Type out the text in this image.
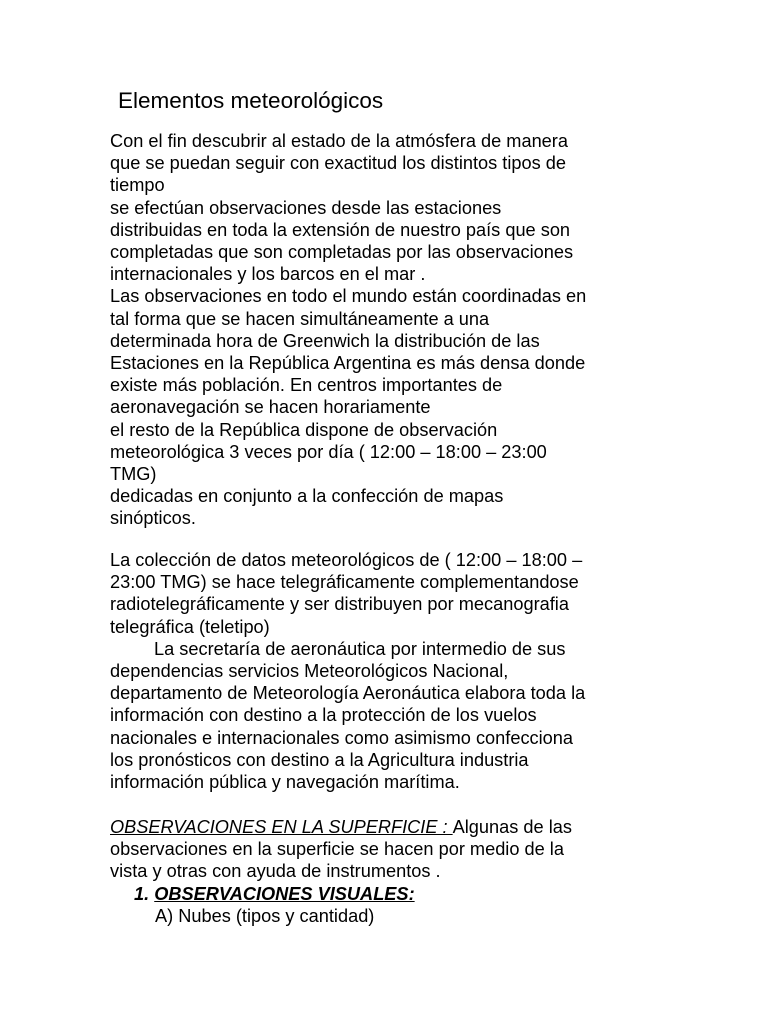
Elementos meteorológicos
Con el fin descubrir al estado de la atmósfera de manera
que se puedan seguir con exactitud los distintos tipos de
tiempo
se efectúan observaciones desde las estaciones
distribuidas en toda la extensión de nuestro país que son
completadas que son completadas por las observaciones
internacionales y los barcos en el mar .
Las observaciones en todo el mundo están coordinadas en
tal forma que se hacen simultáneamente a una
determinada hora de Greenwich la distribución de las
Estaciones en la República Argentina es más densa donde
existe más población. En centros importantes de
aeronavegación se hacen horariamente
el resto de la República dispone de observación
meteorológica 3 veces por día ( 12:00 – 18:00 – 23:00
TMG)
dedicadas en conjunto a la confección de mapas
sinópticos.
La colección de datos meteorológicos de ( 12:00 – 18:00 –
23:00 TMG) se hace telegráficamente complementandose
radiotelegráficamente y ser distribuyen por mecanografia
telegráfica (teletipo)
La secretaría de aeronáutica por intermedio de sus
dependencias servicios Meteorológicos Nacional,
departamento de Meteorología Aeronáutica elabora toda la
información con destino a la protección de los vuelos
nacionales e internacionales como asimismo confecciona
los pronósticos con destino a la Agricultura industria
información pública y navegación marítima.
OBSERVACIONES EN LA SUPERFICIE : Algunas de las
observaciones en la superficie se hacen por medio de la
vista y otras con ayuda de instrumentos .
1. OBSERVACIONES VISUALES:
A) Nubes (tipos y cantidad)
